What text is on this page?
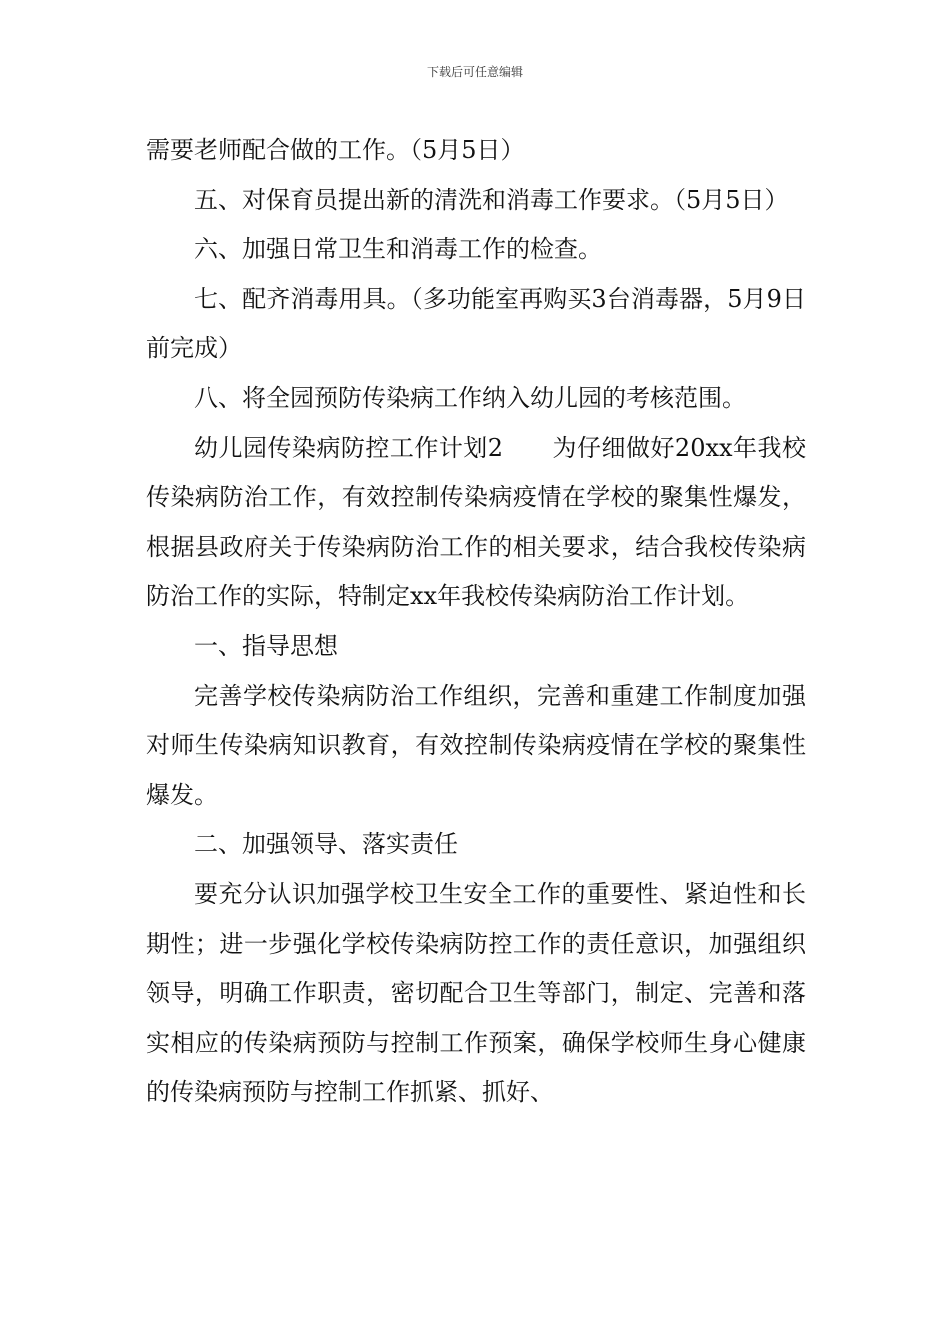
下载后可任意编辑

需要老师配合做的工作。（5月5日）

五、对保育员提出新的清洗和消毒工作要求。（5月5日）

六、加强日常卫生和消毒工作的检查。

七、配齐消毒用具。（多功能室再购买3台消毒器，5月9日前完成）

八、将全园预防传染病工作纳入幼儿园的考核范围。

幼儿园传染病防控工作计划2　　为仔细做好20xx年我校传染病防治工作，有效控制传染病疫情在学校的聚集性爆发，根据县政府关于传染病防治工作的相关要求，结合我校传染病防治工作的实际，特制定xx年我校传染病防治工作计划。

一、指导思想

完善学校传染病防治工作组织，完善和重建工作制度加强对师生传染病知识教育，有效控制传染病疫情在学校的聚集性爆发。

二、加强领导、落实责任

要充分认识加强学校卫生安全工作的重要性、紧迫性和长期性；进一步强化学校传染病防控工作的责任意识，加强组织领导，明确工作职责，密切配合卫生等部门，制定、完善和落实相应的传染病预防与控制工作预案，确保学校师生身心健康的传染病预防与控制工作抓紧、抓好、
